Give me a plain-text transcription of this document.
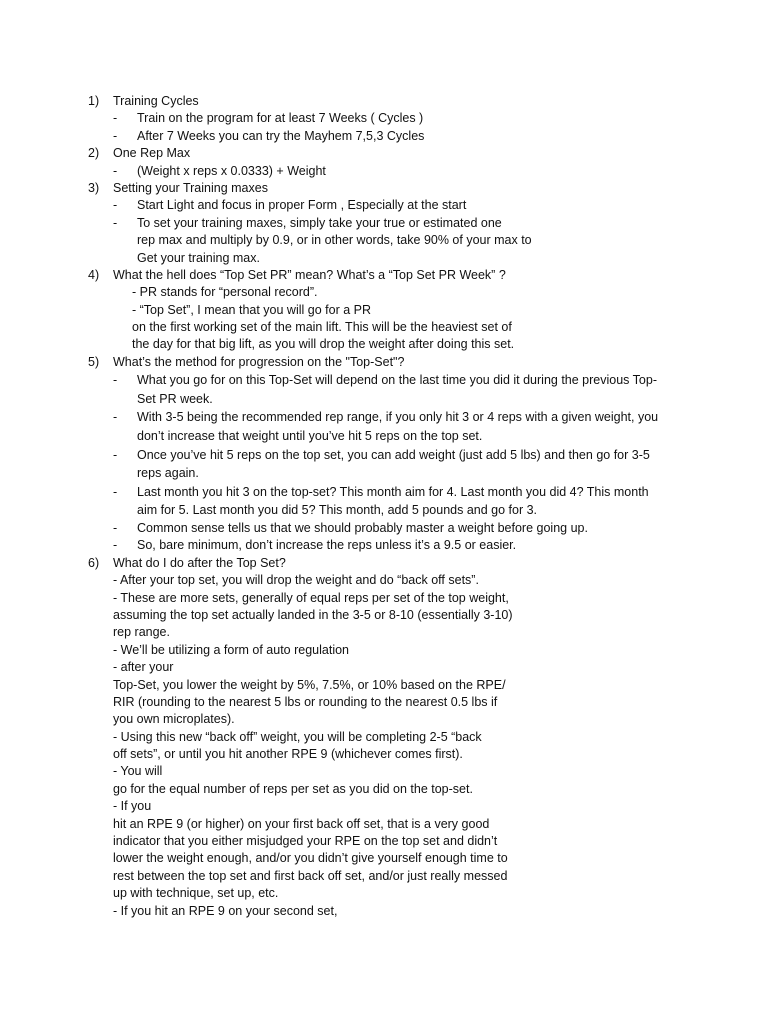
1) Training Cycles
- Train on the program for at least 7 Weeks ( Cycles )
- After 7 Weeks you can try the Mayhem 7,5,3 Cycles
2) One Rep Max
- (Weight x reps x 0.0333) + Weight
3) Setting your Training maxes
- Start Light and focus in proper Form , Especially at the start
- To set your training maxes, simply take your true or estimated one
rep max and multiply by 0.9, or in other words, take 90% of your max to
Get your training max.
4) What the hell does “Top Set PR” mean? What’s a “Top Set PR Week” ?
- PR stands for “personal record”.
- “Top Set”, I mean that you will go for a PR
on the first working set of the main lift. This will be the heaviest set of
the day for that big lift, as you will drop the weight after doing this set.
5) What’s the method for progression on the "Top-Set"?
- What you go for on this Top-Set will depend on the last time you did it during the previous Top-
Set PR week.
- With 3-5 being the recommended rep range, if you only hit 3 or 4 reps with a given weight, you
don’t increase that weight until you’ve hit 5 reps on the top set.
- Once you’ve hit 5 reps on the top set, you can add weight (just add 5 lbs) and then go for 3-5
reps again.
- Last month you hit 3 on the top-set? This month aim for 4. Last month you did 4? This month
aim for 5. Last month you did 5? This month, add 5 pounds and go for 3.
- Common sense tells us that we should probably master a weight before going up.
- So, bare minimum, don’t increase the reps unless it’s a 9.5 or easier.
6) What do I do after the Top Set?
- After your top set, you will drop the weight and do “back off sets”.
- These are more sets, generally of equal reps per set of the top weight,
assuming the top set actually landed in the 3-5 or 8-10 (essentially 3-10)
rep range.
- We’ll be utilizing a form of auto regulation
- after your
Top-Set, you lower the weight by 5%, 7.5%, or 10% based on the RPE/
RIR (rounding to the nearest 5 lbs or rounding to the nearest 0.5 lbs if
you own microplates).
- Using this new “back off” weight, you will be completing 2-5 “back
off sets”, or until you hit another RPE 9 (whichever comes first).
- You will
go for the equal number of reps per set as you did on the top-set.
- If you
hit an RPE 9 (or higher) on your first back off set, that is a very good
indicator that you either misjudged your RPE on the top set and didn’t
lower the weight enough, and/or you didn’t give yourself enough time to
rest between the top set and first back off set, and/or just really messed
up with technique, set up, etc.
- If you hit an RPE 9 on your second set,
